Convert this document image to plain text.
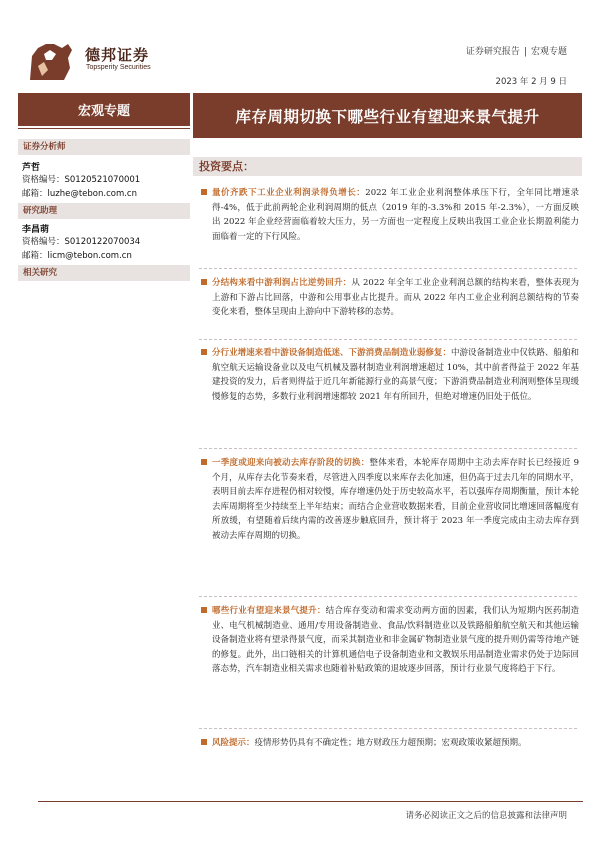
德邦证券
Topsperity Securities
证券研究报告 | 宏观专题
2023 年 2 月 9 日
宏观专题	库存周期切换下哪些行业有望迎来景气提升
证券分析师
芦哲
资格编号：S0120521070001
邮箱：luzhe@tebon.com.cn
研究助理
李昌萌
资格编号：S0120122070034
邮箱：licm@tebon.com.cn
相关研究
投资要点：
量价齐跌下工业企业利润录得负增长：2022 年工业企业利润整体承压下行，全年同比增速录得-4%，低于此前两轮企业利润周期的低点（2019 年的-3.3%和 2015 年-2.3%），一方面反映出 2022 年企业经营面临着较大压力，另一方面也一定程度上反映出我国工业企业长期盈利能力面临着一定的下行风险。
分结构来看中游利润占比逆势回升：从 2022 年全年工业企业利润总额的结构来看，整体表现为上游和下游占比回落，中游和公用事业占比提升。而从 2022 年内工业企业利润总额结构的节奏变化来看，整体呈现由上游向中下游转移的态势。
分行业增速来看中游设备制造低迷、下游消费品制造业弱修复：中游设备制造业中仅铁路、船舶和航空航天运输设备业以及电气机械及器材制造业利润增速超过 10%，其中前者得益于 2022 年基建投资的发力，后者则得益于近几年新能源行业的高景气度；下游消费品制造业利润则整体呈现缓慢修复的态势，多数行业利润增速都较 2021 年有所回升，但绝对增速仍旧处于低位。
一季度或迎来向被动去库存阶段的切换：整体来看，本轮库存周期中主动去库存时长已经接近 9 个月，从库存去化节奏来看，尽管进入四季度以来库存去化加速，但仍高于过去几年的同期水平，表明目前去库存进程仍相对较慢，库存增速仍处于历史较高水平，若以强库存周期衡量，预计本轮去库周期将至少持续至上半年结束；而结合企业营收数据来看，目前企业营收同比增速回落幅度有所放缓，有望随着后续内需的改善逐步触底回升，预计将于 2023 年一季度完成由主动去库存到被动去库存周期的切换。
哪些行业有望迎来景气提升：结合库存变动和需求变动两方面的因素，我们认为短期内医药制造业、电气机械制造业、通用/专用设备制造业、食品/饮料制造业以及铁路船舶航空航天和其他运输设备制造业将有望录得景气度，而采其制造业和非金属矿物制造业景气度的提升则仍需等待地产链的修复。此外，出口链相关的计算机通信电子设备制造业和文教娱乐用品制造业需求仍处于边际回落态势，汽车制造业相关需求也随着补贴政策的退坡逐步回落，预计行业景气度将趋于下行。
风险提示：疫情形势仍具有不确定性；地方财政压力超预期；宏观政策收紧超预期。
请务必阅读正文之后的信息披露和法律声明
